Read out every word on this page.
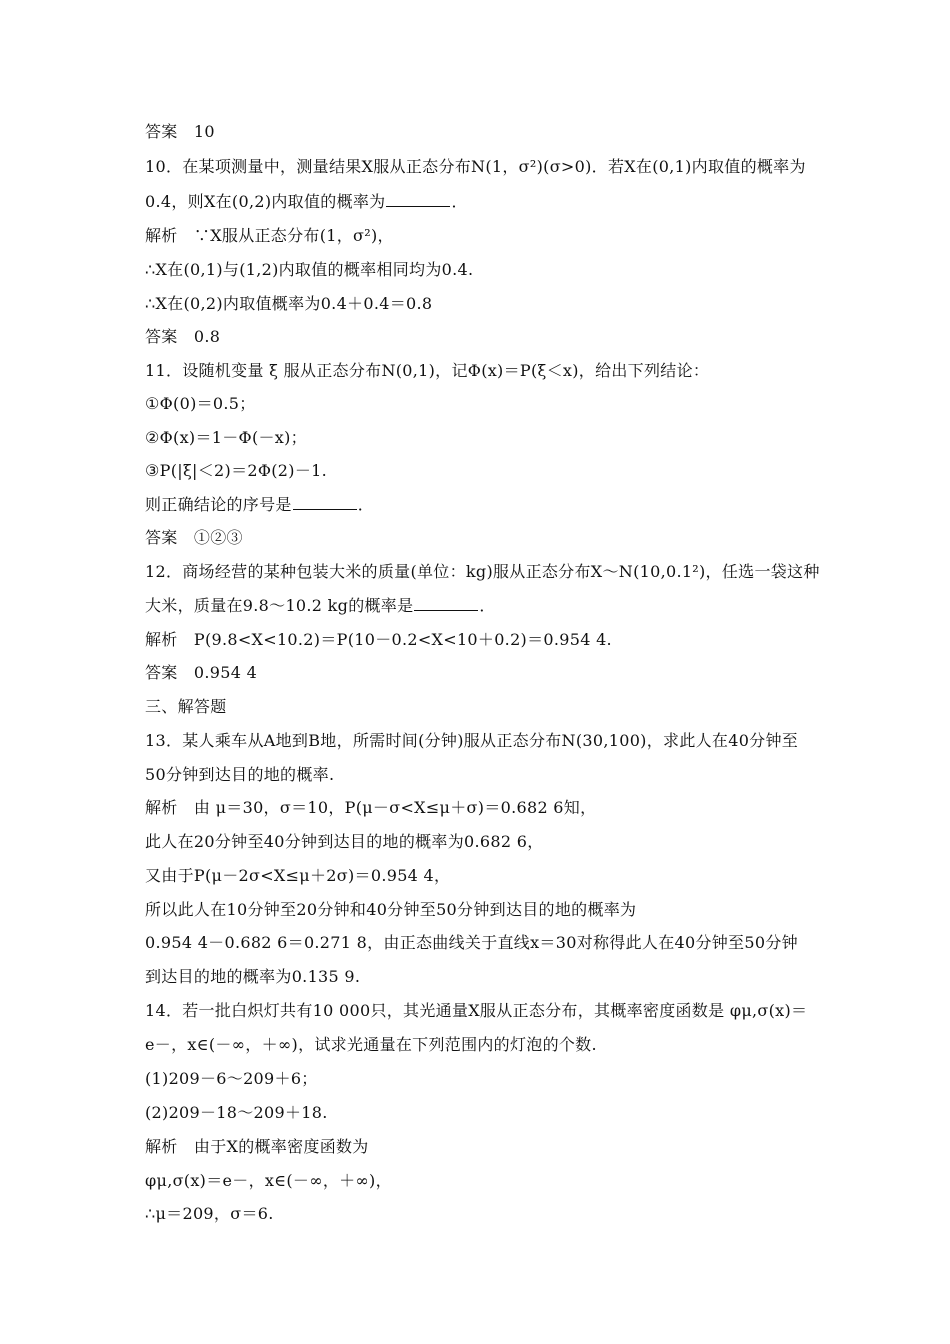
答案　10
10．在某项测量中，测量结果X服从正态分布N(1，σ²)(σ>0)．若X在(0,1)内取值的概率为
0.4，则X在(0,2)内取值的概率为	．
解析　∵X服从正态分布(1，σ²)，
∴X在(0,1)与(1,2)内取值的概率相同均为0.4.
∴X在(0,2)内取值概率为0.4＋0.4＝0.8
答案　0.8
11．设随机变量 ξ 服从正态分布N(0,1)，记Φ(x)＝P(ξ＜x)，给出下列结论：
①Φ(0)＝0.5；
②Φ(x)＝1－Φ(－x)；
③P(|ξ|＜2)＝2Φ(2)－1.
则正确结论的序号是	．
答案　①②③
12．商场经营的某种包装大米的质量(单位：kg)服从正态分布X～N(10,0.1²)，任选一袋这种
大米，质量在9.8～10.2 kg的概率是	．
解析　P(9.8<X<10.2)＝P(10－0.2<X<10＋0.2)＝0.954 4.
答案　0.954 4
三、解答题
13．某人乘车从A地到B地，所需时间(分钟)服从正态分布N(30,100)，求此人在40分钟至
50分钟到达目的地的概率.
解析　由 μ＝30，σ＝10，P(μ－σ<X≤μ＋σ)＝0.682 6知，
此人在20分钟至40分钟到达目的地的概率为0.682 6，
又由于P(μ－2σ<X≤μ＋2σ)＝0.954 4，
所以此人在10分钟至20分钟和40分钟至50分钟到达目的地的概率为
0.954 4－0.682 6＝0.271 8，由正态曲线关于直线x＝30对称得此人在40分钟至50分钟
到达目的地的概率为0.135 9.
14．若一批白炽灯共有10 000只，其光通量X服从正态分布，其概率密度函数是 φμ,σ(x)＝
e－，x∈(－∞，＋∞)，试求光通量在下列范围内的灯泡的个数.
(1)209－6～209＋6；
(2)209－18～209＋18.
解析　由于X的概率密度函数为
φμ,σ(x)＝e－，x∈(－∞，＋∞)，
∴μ＝209，σ＝6.
